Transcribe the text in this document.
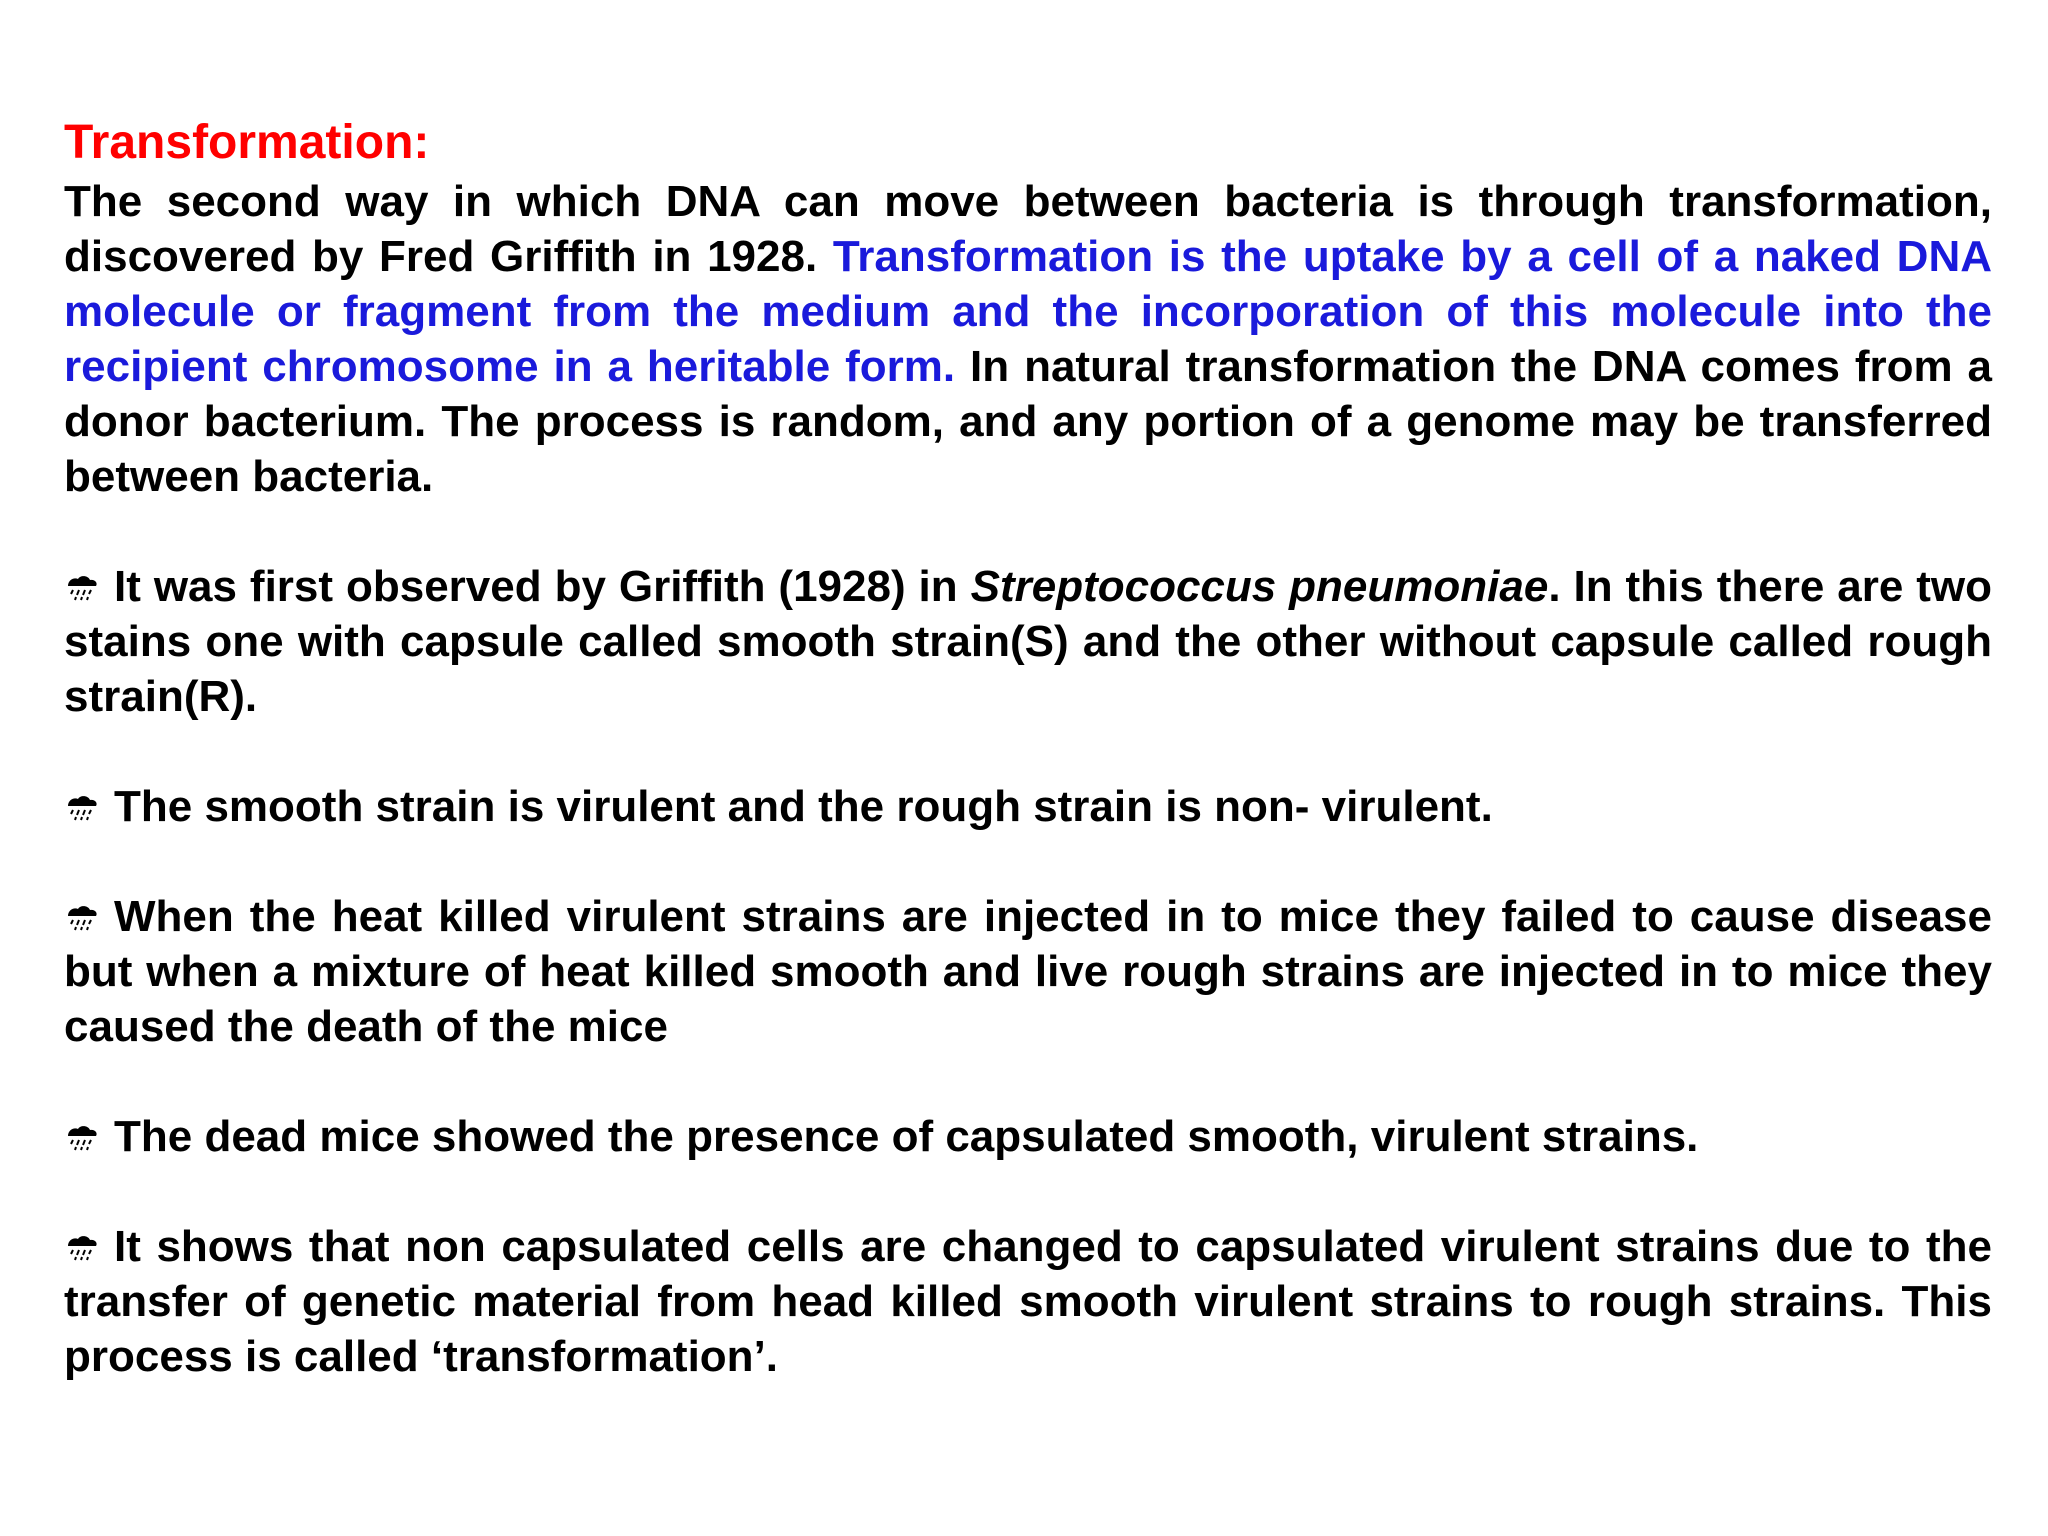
Transformation:

The second way in which DNA can move between bacteria is through transformation, discovered by Fred Griffith in 1928. Transformation is the uptake by a cell of a naked DNA molecule or fragment from the medium and the incorporation of this molecule into the recipient chromosome in a heritable form. In natural transformation the DNA comes from a donor bacterium. The process is random, and any portion of a genome may be transferred between bacteria.

It was first observed by Griffith (1928) in Streptococcus pneumoniae. In this there are two stains one with capsule called smooth strain(S) and the other without capsule called rough strain(R).

The smooth strain is virulent and the rough strain is non- virulent.

When the heat killed virulent strains are injected in to mice they failed to cause disease but when a mixture of heat killed smooth and live rough strains are injected in to mice they caused the death of the mice

The dead mice showed the presence of capsulated smooth, virulent strains.

It shows that non capsulated cells are changed to capsulated virulent strains due to the transfer of genetic material from head killed smooth virulent strains to rough strains. This process is called ‘transformation’.
